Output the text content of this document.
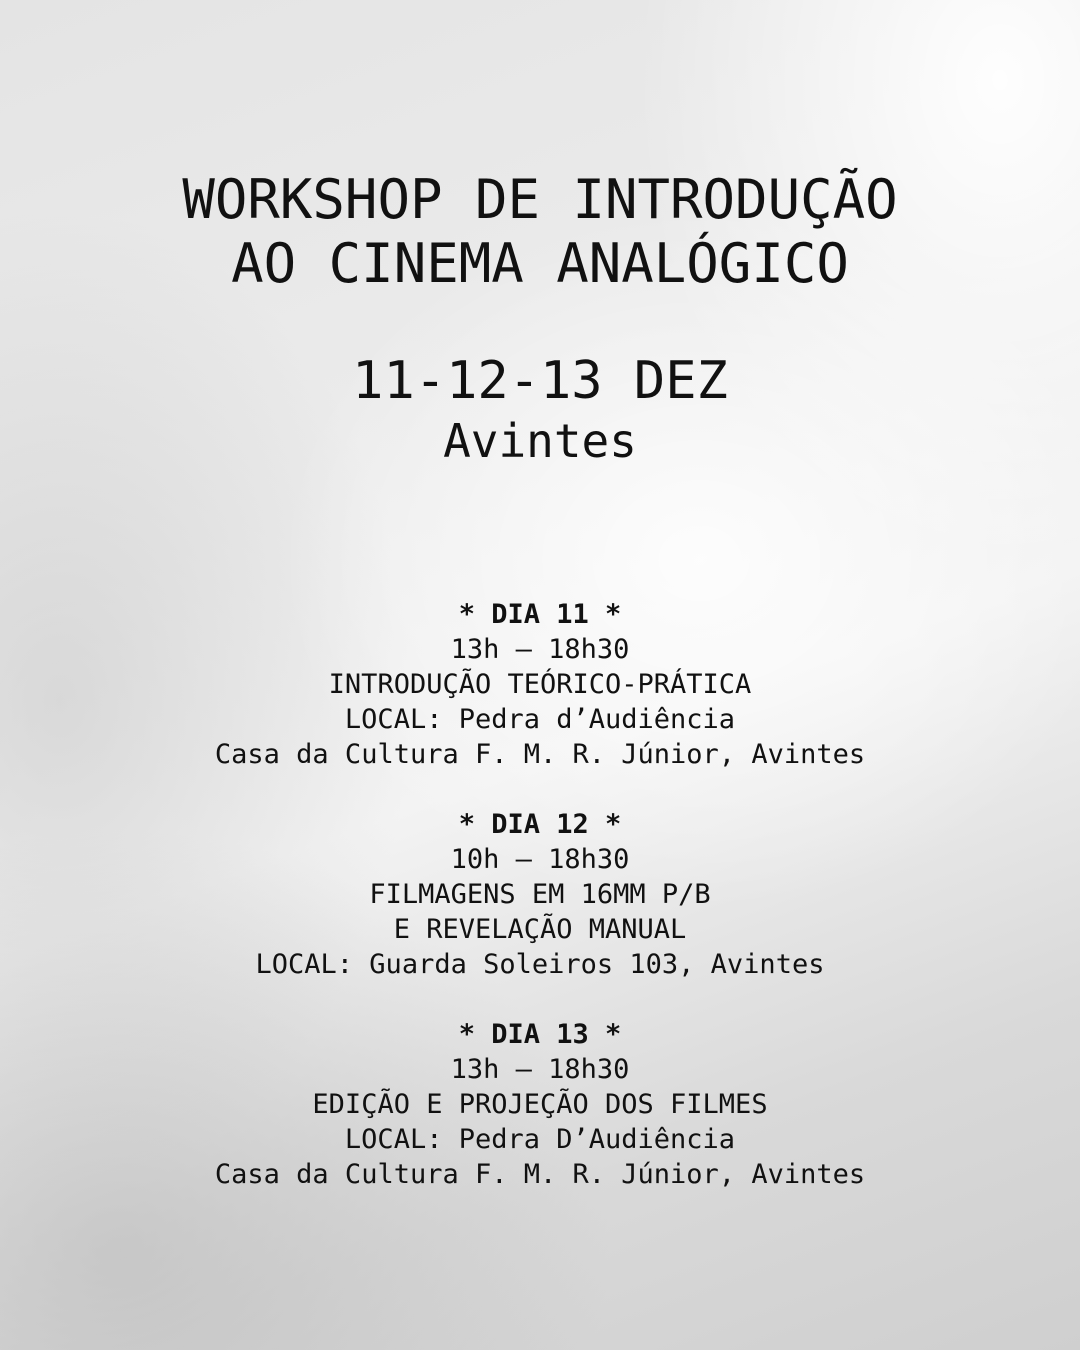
WORKSHOP DE INTRODUÇÃO
AO CINEMA ANALÓGICO
11-12-13 DEZ
Avintes
* DIA 11 *
13h — 18h30
INTRODUÇÃO TEÓRICO-PRÁTICA
LOCAL: Pedra d’Audiência
Casa da Cultura F. M. R. Júnior, Avintes
* DIA 12 *
10h — 18h30
FILMAGENS EM 16MM P/B
E REVELAÇÃO MANUAL
LOCAL: Guarda Soleiros 103, Avintes
* DIA 13 *
13h — 18h30
EDIÇÃO E PROJEÇÃO DOS FILMES
LOCAL: Pedra D’Audiência
Casa da Cultura F. M. R. Júnior, Avintes
